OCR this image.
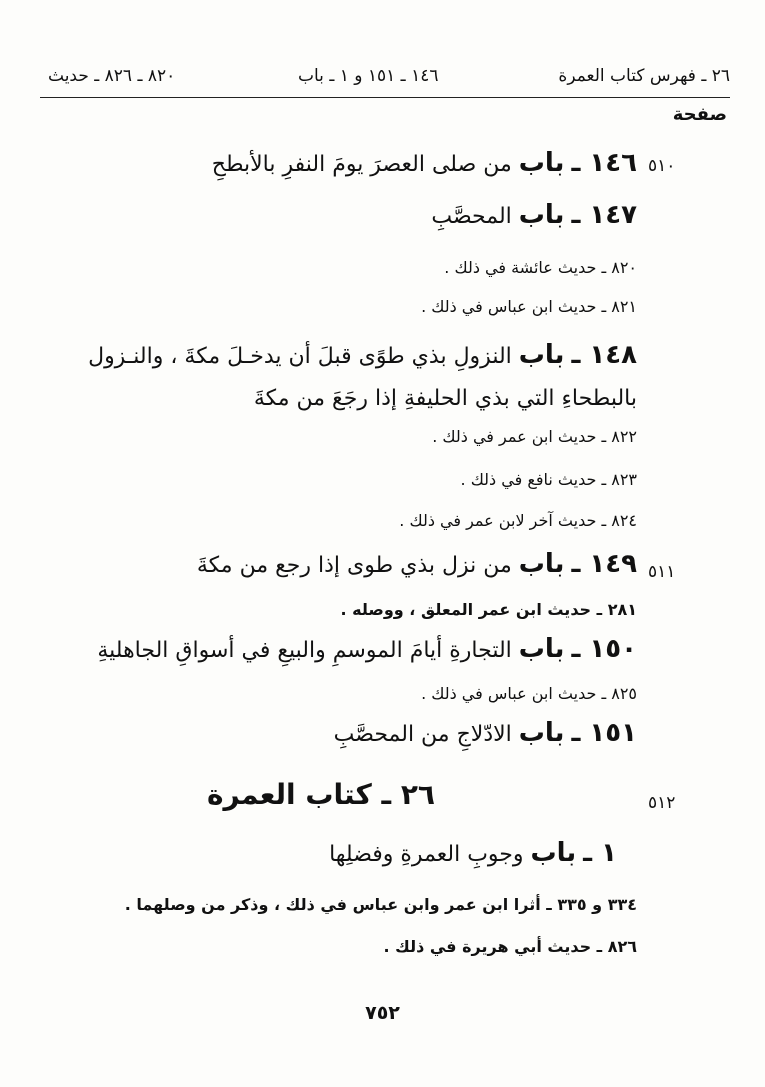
٢٦ ـ فهرس كتاب العمرة
١٤٦ ـ ١٥١ و ١ ـ باب
٨٢٠ ـ ٨٢٦ ـ حديث
صفحة
٥١٠
١٤٦ ـ باب من صلى العصرَ يومَ النفرِ بالأبطحِ
١٤٧ ـ باب المحصَّبِ
٨٢٠ ـ حديث عائشة في ذلك .
٨٢١ ـ حديث ابن عباس في ذلك .
١٤٨ ـ باب النزولِ بذي طوًى قبلَ أن يدخـلَ مكةَ ، والنـزول بالبطحاءِ التي بذي الحليفةِ إذا رجَعَ من مكةَ
٨٢٢ ـ حديث ابن عمر في ذلك .
٨٢٣ ـ حديث نافع في ذلك .
٨٢٤ ـ حديث آخر لابن عمر في ذلك .
٥١١
١٤٩ ـ باب من نزل بذي طوى إذا رجع من مكةَ
٢٨١ ـ حديث ابن عمر المعلق ، ووصله .
١٥٠ ـ باب التجارةِ أيامَ الموسمِ والبيعِ في أسواقِ الجاهليةِ
٨٢٥ ـ حديث ابن عباس في ذلك .
١٥١ ـ باب الادّلاجِ من المحصَّبِ
٥١٢
٢٦ ـ كتاب العمرة
١ ـ باب وجوبِ العمرةِ وفضلِها
٣٣٤ و ٣٣٥ ـ أثرا ابن عمر وابن عباس في ذلك ، وذكر من وصلهما .
٨٢٦ ـ حديث أبي هريرة في ذلك .
٧٥٢
